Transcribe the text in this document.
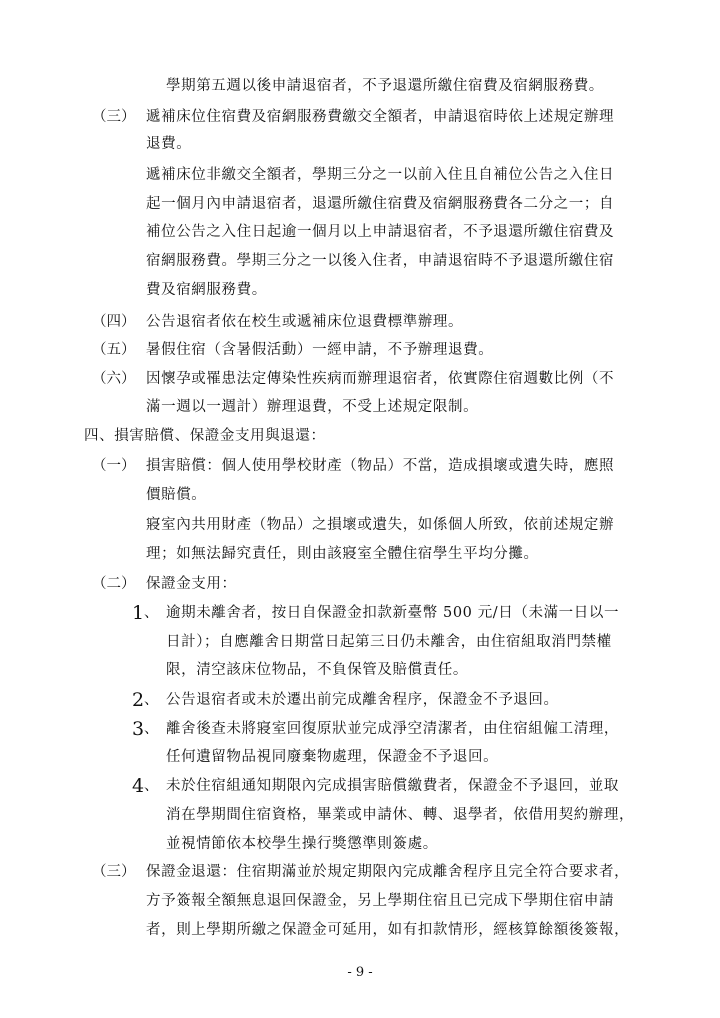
學期第五週以後申請退宿者，不予退還所繳住宿費及宿網服務費。
（三） 遞補床位住宿費及宿網服務費繳交全額者，申請退宿時依上述規定辦理
退費。
遞補床位非繳交全額者，學期三分之一以前入住且自補位公告之入住日
起一個月內申請退宿者，退還所繳住宿費及宿網服務費各二分之一；自
補位公告之入住日起逾一個月以上申請退宿者，不予退還所繳住宿費及
宿網服務費。學期三分之一以後入住者，申請退宿時不予退還所繳住宿
費及宿網服務費。
（四） 公告退宿者依在校生或遞補床位退費標準辦理。
（五） 暑假住宿（含暑假活動）一經申請，不予辦理退費。
（六） 因懷孕或罹患法定傳染性疾病而辦理退宿者，依實際住宿週數比例（不
滿一週以一週計）辦理退費，不受上述規定限制。
四、損害賠償、保證金支用與退還：
（一） 損害賠償：個人使用學校財產（物品）不當，造成損壞或遺失時，應照
價賠償。
寢室內共用財產（物品）之損壞或遺失，如係個人所致，依前述規定辦
理；如無法歸究責任，則由該寢室全體住宿學生平均分攤。
（二） 保證金支用：
1 、 逾期未離舍者，按日自保證金扣款新臺幣 500 元/日（未滿一日以一
日計）；自應離舍日期當日起第三日仍未離舍，由住宿組取消門禁權
限，清空該床位物品，不負保管及賠償責任。
2 、 公告退宿者或未於遷出前完成離舍程序，保證金不予退回。
3 、 離舍後查未將寢室回復原狀並完成淨空清潔者，由住宿組僱工清理，
任何遺留物品視同廢棄物處理，保證金不予退回。
4 、 未於住宿組通知期限內完成損害賠償繳費者，保證金不予退回，並取
消在學期間住宿資格，畢業或申請休、轉、退學者，依借用契約辦理，
並視情節依本校學生操行獎懲準則簽處。
（三） 保證金退還：住宿期滿並於規定期限內完成離舍程序且完全符合要求者，
方予簽報全額無息退回保證金，另上學期住宿且已完成下學期住宿申請
者，則上學期所繳之保證金可延用，如有扣款情形，經核算餘額後簽報，
- 9 -
